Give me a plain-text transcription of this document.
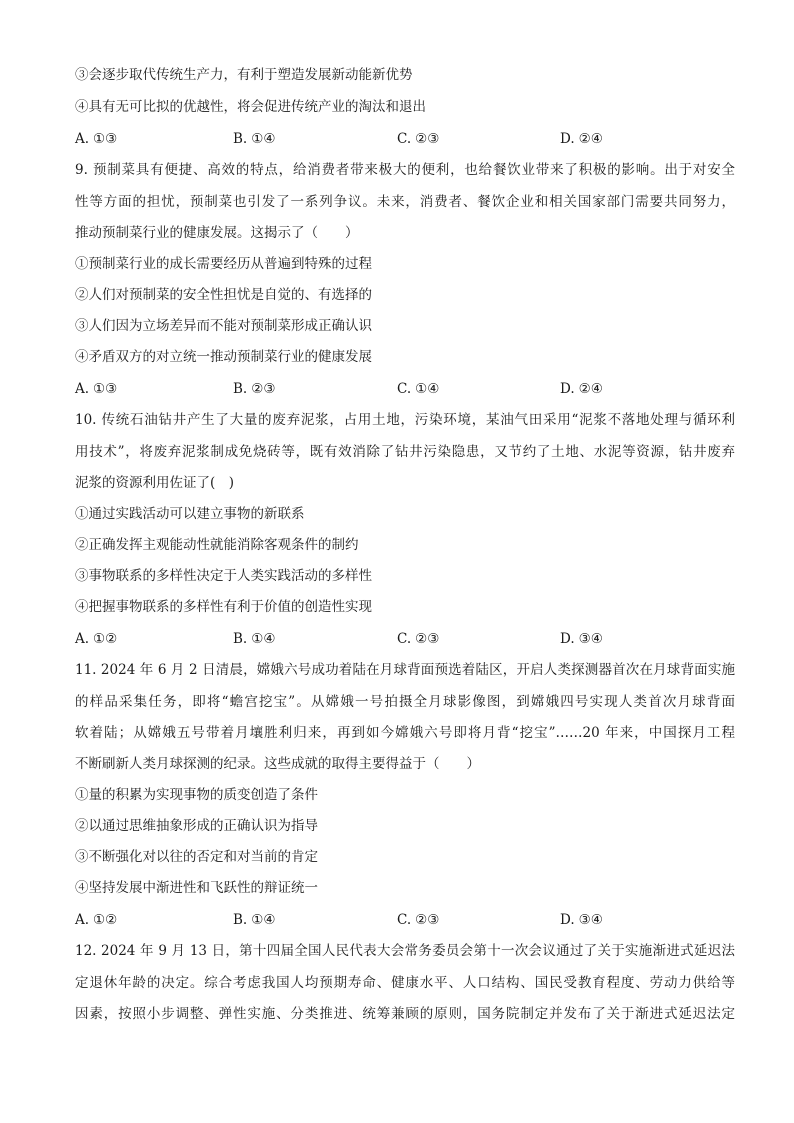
③会逐步取代传统生产力，有利于塑造发展新动能新优势
④具有无可比拟的优越性，将会促进传统产业的淘汰和退出
A. ①③	B. ①④	C. ②③	D. ②④
9. 预制菜具有便捷、高效的特点，给消费者带来极大的便利，也给餐饮业带来了积极的影响。出于对安全
性等方面的担忧，预制菜也引发了一系列争议。未来，消费者、餐饮企业和相关国家部门需要共同努力，
推动预制菜行业的健康发展。这揭示了（　　）
①预制菜行业的成长需要经历从普遍到特殊的过程
②人们对预制菜的安全性担忧是自觉的、有选择的
③人们因为立场差异而不能对预制菜形成正确认识
④矛盾双方的对立统一推动预制菜行业的健康发展
A. ①③	B. ②③	C. ①④	D. ②④
10. 传统石油钻井产生了大量的废弃泥浆，占用土地，污染环境，某油气田采用“泥浆不落地处理与循环利
用技术”，将废弃泥浆制成免烧砖等，既有效消除了钻井污染隐患，又节约了土地、水泥等资源，钻井废弃
泥浆的资源利用佐证了(　)
①通过实践活动可以建立事物的新联系
②正确发挥主观能动性就能消除客观条件的制约
③事物联系的多样性决定于人类实践活动的多样性
④把握事物联系的多样性有利于价值的创造性实现
A. ①②	B. ①④	C. ②③	D. ③④
11. 2024 年 6 月 2 日清晨，嫦娥六号成功着陆在月球背面预选着陆区，开启人类探测器首次在月球背面实施
的样品采集任务，即将“蟾宫挖宝”。从嫦娥一号拍摄全月球影像图，到嫦娥四号实现人类首次月球背面
软着陆；从嫦娥五号带着月壤胜利归来，再到如今嫦娥六号即将月背“挖宝”……20 年来，中国探月工程
不断刷新人类月球探测的纪录。这些成就的取得主要得益于（　　）
①量的积累为实现事物的质变创造了条件
②以通过思维抽象形成的正确认识为指导
③不断强化对以往的否定和对当前的肯定
④坚持发展中渐进性和飞跃性的辩证统一
A. ①②	B. ①④	C. ②③	D. ③④
12. 2024 年 9 月 13 日，第十四届全国人民代表大会常务委员会第十一次会议通过了关于实施渐进式延迟法
定退休年龄的决定。综合考虑我国人均预期寿命、健康水平、人口结构、国民受教育程度、劳动力供给等
因素，按照小步调整、弹性实施、分类推进、统筹兼顾的原则，国务院制定并发布了关于渐进式延迟法定
